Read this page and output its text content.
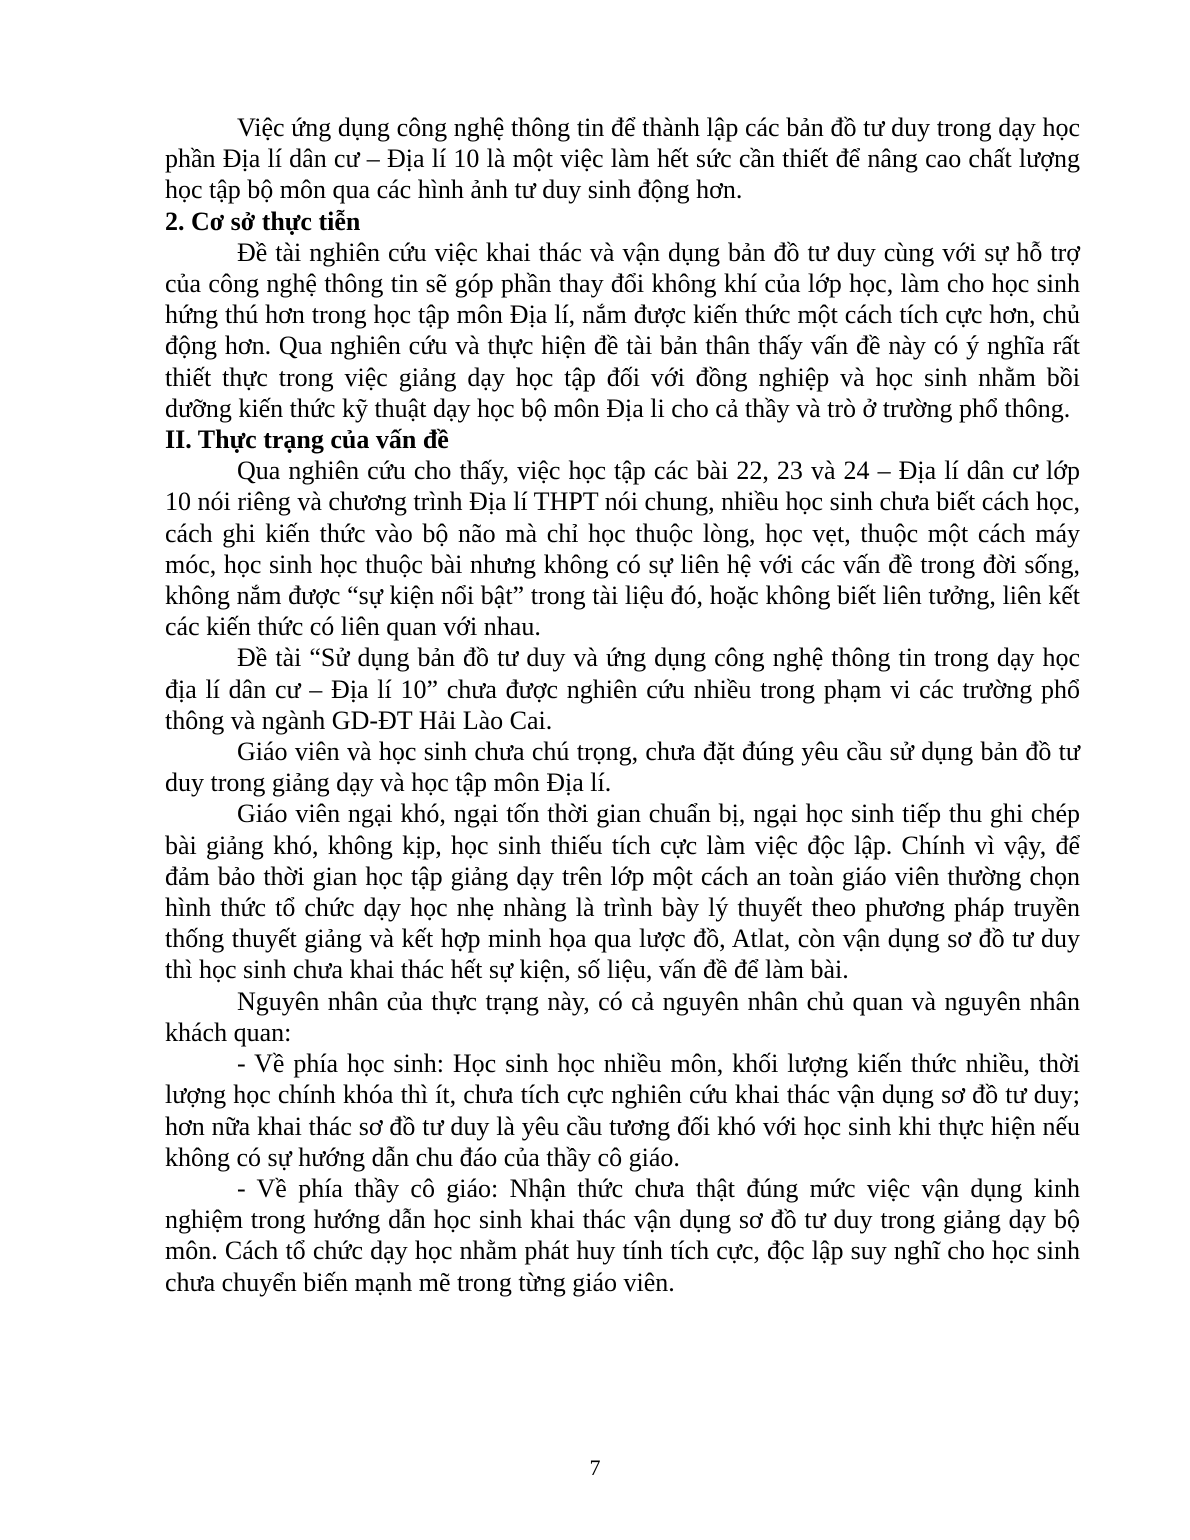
Việc ứng dụng công nghệ thông tin để thành lập các bản đồ tư duy trong dạy học phần Địa lí dân cư – Địa lí 10 là một việc làm hết sức cần thiết để nâng cao chất lượng học tập bộ môn qua các hình ảnh tư duy sinh động hơn.

2. Cơ sở thực tiễn

Đề tài nghiên cứu việc khai thác và vận dụng bản đồ tư duy cùng với sự hỗ trợ của công nghệ thông tin sẽ góp phần thay đổi không khí của lớp học, làm cho học sinh hứng thú hơn trong học tập môn Địa lí, nắm được kiến thức một cách tích cực hơn, chủ động hơn. Qua nghiên cứu và thực hiện đề tài bản thân thấy vấn đề này có ý nghĩa rất thiết thực trong việc giảng dạy học tập đối với đồng nghiệp và học sinh nhằm bồi dưỡng kiến thức kỹ thuật dạy học bộ môn Địa li cho cả thầy và trò ở trường phổ thông.

II. Thực trạng của vấn đề

Qua nghiên cứu cho thấy, việc học tập các bài 22, 23 và 24 – Địa lí dân cư lớp 10 nói riêng và chương trình Địa lí THPT nói chung, nhiều học sinh chưa biết cách học, cách ghi kiến thức vào bộ não mà chỉ học thuộc lòng, học vẹt, thuộc một cách máy móc, học sinh học thuộc bài nhưng không có sự liên hệ với các vấn đề trong đời sống, không nắm được “sự kiện nổi bật” trong tài liệu đó, hoặc không biết liên tưởng, liên kết các kiến thức có liên quan với nhau.

Đề tài “Sử dụng bản đồ tư duy và ứng dụng công nghệ thông tin trong dạy học địa lí dân cư – Địa lí 10” chưa được nghiên cứu nhiều trong phạm vi các trường phổ thông và ngành GD-ĐT Hải Lào Cai.

Giáo viên và học sinh chưa chú trọng, chưa đặt đúng yêu cầu sử dụng bản đồ tư duy trong giảng dạy và học tập môn Địa lí.

Giáo viên ngại khó, ngại tốn thời gian chuẩn bị, ngại học sinh tiếp thu ghi chép bài giảng khó, không kịp, học sinh thiếu tích cực làm việc độc lập. Chính vì vậy, để đảm bảo thời gian học tập giảng dạy trên lớp một cách an toàn giáo viên thường chọn hình thức tổ chức dạy học nhẹ nhàng là trình bày lý thuyết theo phương pháp truyền thống thuyết giảng và kết hợp minh họa qua lược đồ, Atlat, còn vận dụng sơ đồ tư duy thì học sinh chưa khai thác hết sự kiện, số liệu, vấn đề để làm bài.

Nguyên nhân của thực trạng này, có cả nguyên nhân chủ quan và nguyên nhân khách quan:

- Về phía học sinh: Học sinh học nhiều môn, khối lượng kiến thức nhiều, thời lượng học chính khóa thì ít, chưa tích cực nghiên cứu khai thác vận dụng sơ đồ tư duy; hơn nữa khai thác sơ đồ tư duy là yêu cầu tương đối khó với học sinh khi thực hiện nếu không có sự hướng dẫn chu đáo của thầy cô giáo.

- Về phía thầy cô giáo: Nhận thức chưa thật đúng mức việc vận dụng kinh nghiệm trong hướng dẫn học sinh khai thác vận dụng sơ đồ tư duy trong giảng dạy bộ môn. Cách tổ chức dạy học nhằm phát huy tính tích cực, độc lập suy nghĩ cho học sinh chưa chuyển biến mạnh mẽ trong từng giáo viên.

7
